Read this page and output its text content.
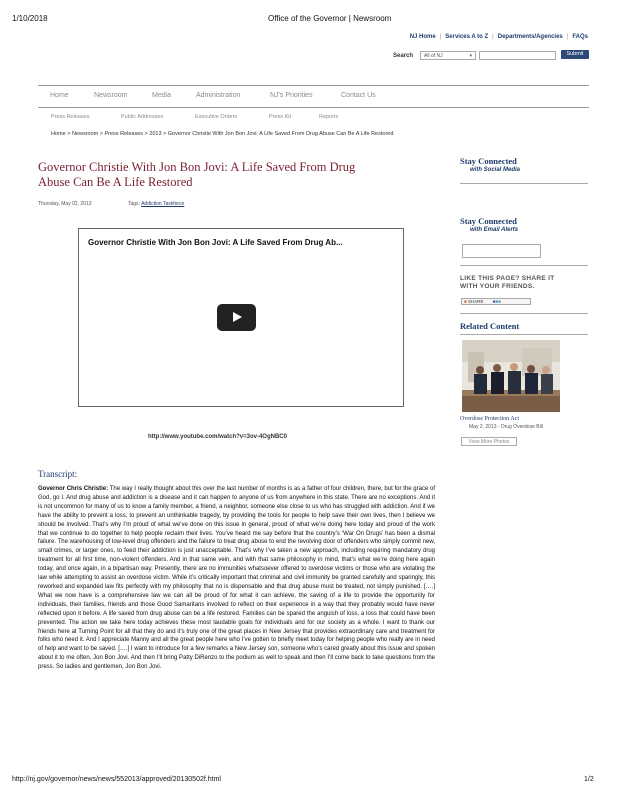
1/10/2018	Office of the Governor | Newsroom
NJ Home | Services A to Z | Departments/Agencies | FAQs
Search	All of NJ	▾	Submit
Home	Newsroom	Media	Administration	NJ's Priorities	Contact Us
Press Releases	Public Addresses	Executive Orders	Press Kit	Reports
Home > Newsroom > Press Releases > 2013 > Governor Christie With Jon Bon Jovi: A Life Saved From Drug Abuse Can Be A Life Restored
Governor Christie With Jon Bon Jovi: A Life Saved From Drug
Abuse Can Be A Life Restored
Thursday, May 02, 2013	Tags: Addiction Taskforce
Governor Christie With Jon Bon Jovi: A Life Saved From Drug Ab...
http://www.youtube.com/watch?v=3ov-4OgNBC0
Transcript:
Governor Chris Christie: The way I really thought about this over the last number of months is as a father of four children, there, but for the grace of God, go I. And drug abuse and addiction is a disease and it can happen to anyone of us from anywhere in this state. There are no exceptions. And it is not uncommon for many of us to know a family member, a friend, a neighbor, someone else close to us who has struggled with addiction. And if we have the ability to prevent a loss, to prevent an unthinkable tragedy, by providing the tools for people to help save their own lives, then I believe we should be involved. That’s why I’m proud of what we’ve done on this issue in general, proud of what we’re doing here today and proud of the work that we continue to do together to help people reclaim their lives. You’ve heard me say before that the country’s ‘War On Drugs’ has been a dismal failure. The warehousing of low-level drug offenders and the failure to treat drug abuse to end the revolving door of offenders who simply commit new, small crimes, or larger ones, to feed their addiction is just unacceptable. That’s why I’ve taken a new approach, including requiring mandatory drug treatment for all first time, non-violent offenders. And in that same vein, and with that same philosophy in mind, that’s what we’re doing here again today, and once again, in a bipartisan way. Presently, there are no immunities whatsoever offered to overdose victims or those who are violating the law while attempting to assist an overdose victim. While it’s critically important that criminal and civil immunity be granted carefully and sparingly, this reworked and expanded law fits perfectly with my philosophy that no is dispensable and that drug abuse must be treated, not simply punished. [….] What we now have is a comprehensive law we can all be proud of for what it can achieve, the saving of a life to provide the opportunity for individuals, their families, friends and those Good Samaritans involved to reflect on their experience in a way that they probably would have never reflected upon it before. A life saved from drug abuse can be a life restored. Families can be spared the anguish of loss, a loss that could have been prevented. The action we take here today achieves these most laudable goals for individuals and for our society as a whole. I want to thank our friends here at Turning Point for all that they do and it’s truly one of the great places in New Jersey that provides extraordinary care and treatment for folks who need it. And I appreciate Manny and all the great people here who I’ve gotten to briefly meet today for helping people who really are in need of help and want to be saved. [….] I want to introduce for a few remarks a New Jersey son, someone who’s cared greatly about this issue and spoken about it to me often, Jon Bon Jovi. And then I’ll bring Patty DiRenzo to the podium as well to speak and then I’ll come back to take questions from the press. So ladies and gentlemen, Jon Bon Jovi.
Stay Connected
with Social Media
Stay Connected
with Email Alerts
LIKE THIS PAGE? SHARE IT
WITH YOUR FRIENDS.
■ SHARE ■■■
Related Content
Overdose Protection Act
May 2, 2013 - Drug Overdose Bill
View More Photos
http://nj.gov/governor/news/news/552013/approved/20130502f.html	1/2
